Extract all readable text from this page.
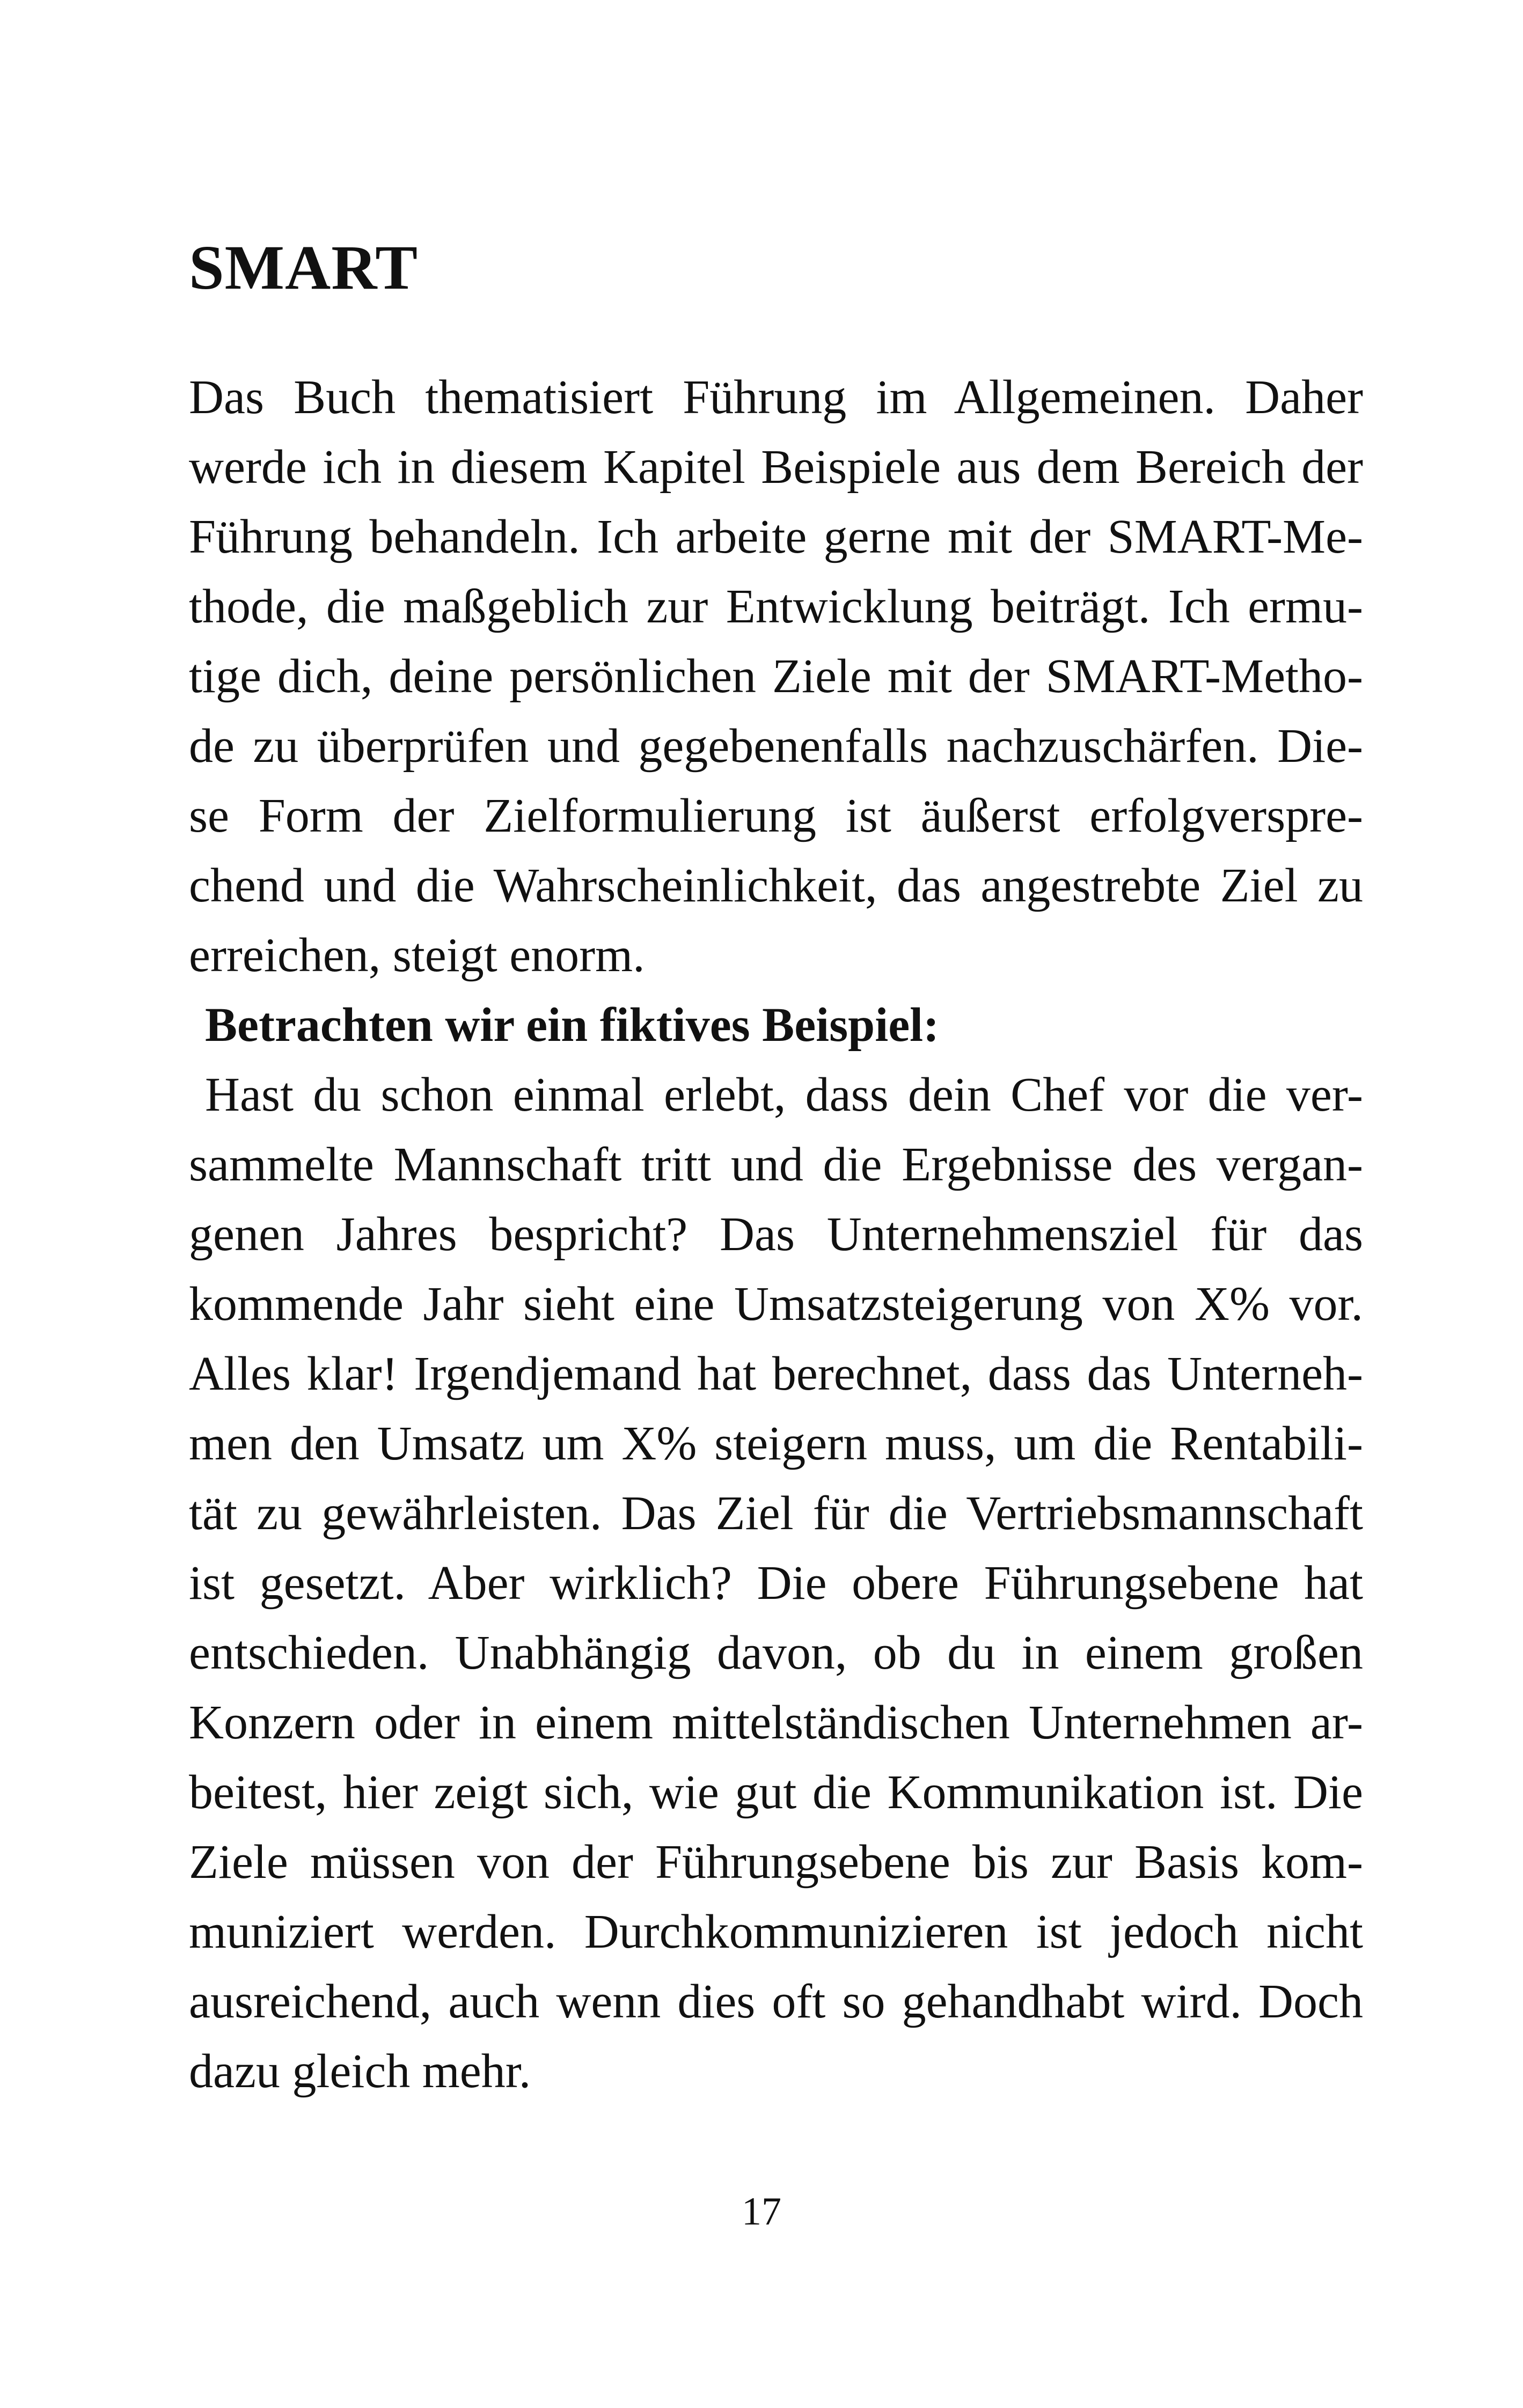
SMART
Das Buch thematisiert Führung im Allgemeinen. Daher
werde ich in diesem Kapitel Beispiele aus dem Bereich der
Führung behandeln. Ich arbeite gerne mit der SMART-Me-
thode, die maßgeblich zur Entwicklung beiträgt. Ich ermu-
tige dich, deine persönlichen Ziele mit der SMART-Metho-
de zu überprüfen und gegebenenfalls nachzuschärfen. Die-
se Form der Zielformulierung ist äußerst erfolgverspre-
chend und die Wahrscheinlichkeit, das angestrebte Ziel zu
erreichen, steigt enorm.

Betrachten wir ein fiktives Beispiel:

Hast du schon einmal erlebt, dass dein Chef vor die ver-
sammelte Mannschaft tritt und die Ergebnisse des vergan-
genen Jahres bespricht? Das Unternehmensziel für das
kommende Jahr sieht eine Umsatzsteigerung von X% vor.
Alles klar! Irgendjemand hat berechnet, dass das Unterneh-
men den Umsatz um X% steigern muss, um die Rentabili-
tät zu gewährleisten. Das Ziel für die Vertriebsmannschaft
ist gesetzt. Aber wirklich? Die obere Führungsebene hat
entschieden. Unabhängig davon, ob du in einem großen
Konzern oder in einem mittelständischen Unternehmen ar-
beitest, hier zeigt sich, wie gut die Kommunikation ist. Die
Ziele müssen von der Führungsebene bis zur Basis kom-
muniziert werden. Durchkommunizieren ist jedoch nicht
ausreichend, auch wenn dies oft so gehandhabt wird. Doch
dazu gleich mehr.
17
